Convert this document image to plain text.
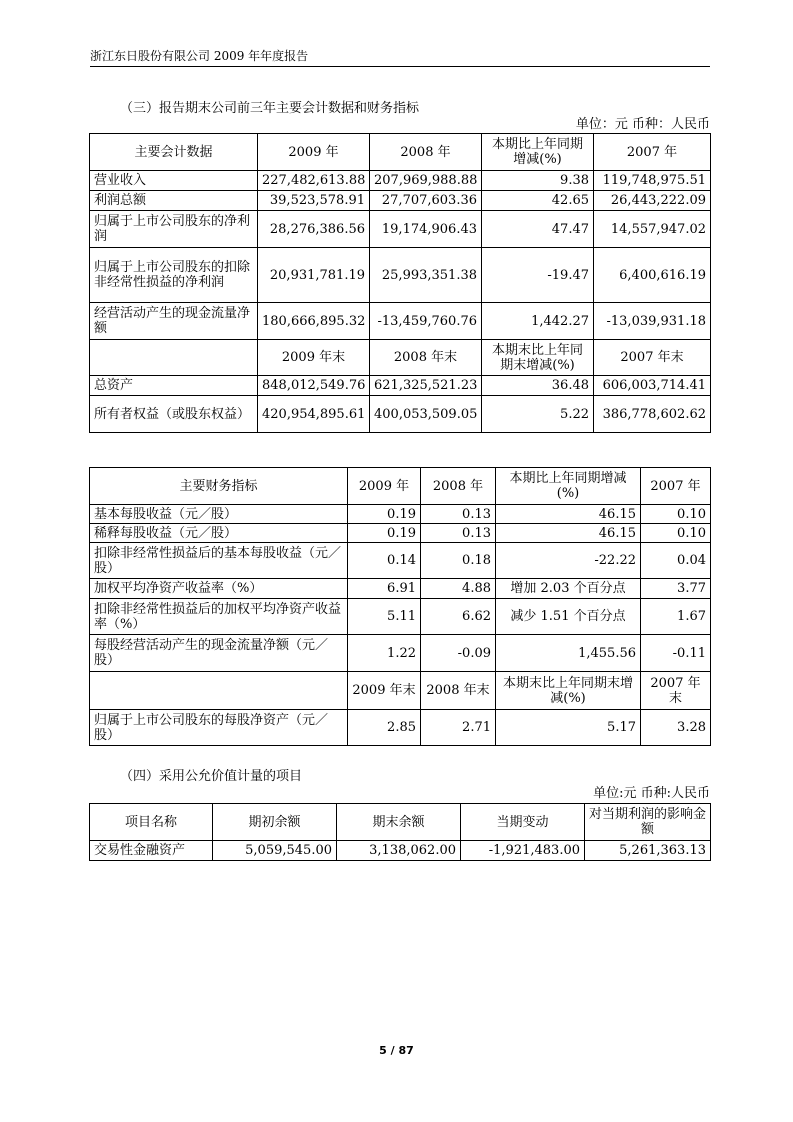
浙江东日股份有限公司 2009 年年度报告
（三）报告期末公司前三年主要会计数据和财务指标
单位：元 币种：人民币
主要会计数据	2009 年	2008 年	本期比上年同期增减(%)	2007 年
营业收入	227,482,613.88	207,969,988.88	9.38	119,748,975.51
利润总额	39,523,578.91	27,707,603.36	42.65	26,443,222.09
归属于上市公司股东的净利润	28,276,386.56	19,174,906.43	47.47	14,557,947.02
归属于上市公司股东的扣除非经常性损益的净利润	20,931,781.19	25,993,351.38	-19.47	6,400,616.19
经营活动产生的现金流量净额	180,666,895.32	-13,459,760.76	1,442.27	-13,039,931.18
	2009 年末	2008 年末	本期末比上年同期末增减(%)	2007 年末
总资产	848,012,549.76	621,325,521.23	36.48	606,003,714.41
所有者权益（或股东权益）	420,954,895.61	400,053,509.05	5.22	386,778,602.62
主要财务指标	2009 年	2008 年	本期比上年同期增减(%)	2007 年
基本每股收益（元／股）	0.19	0.13	46.15	0.10
稀释每股收益（元／股）	0.19	0.13	46.15	0.10
扣除非经常性损益后的基本每股收益（元／股）	0.14	0.18	-22.22	0.04
加权平均净资产收益率（%）	6.91	4.88	增加 2.03 个百分点	3.77
扣除非经常性损益后的加权平均净资产收益率（%）	5.11	6.62	减少 1.51 个百分点	1.67
每股经营活动产生的现金流量净额（元／股）	1.22	-0.09	1,455.56	-0.11
	2009 年末	2008 年末	本期末比上年同期末增减(%)	2007 年末
归属于上市公司股东的每股净资产（元／股）	2.85	2.71	5.17	3.28
（四）采用公允价值计量的项目
单位:元 币种:人民币
项目名称	期初余额	期末余额	当期变动	对当期利润的影响金额
交易性金融资产	5,059,545.00	3,138,062.00	-1,921,483.00	5,261,363.13
5 / 87
